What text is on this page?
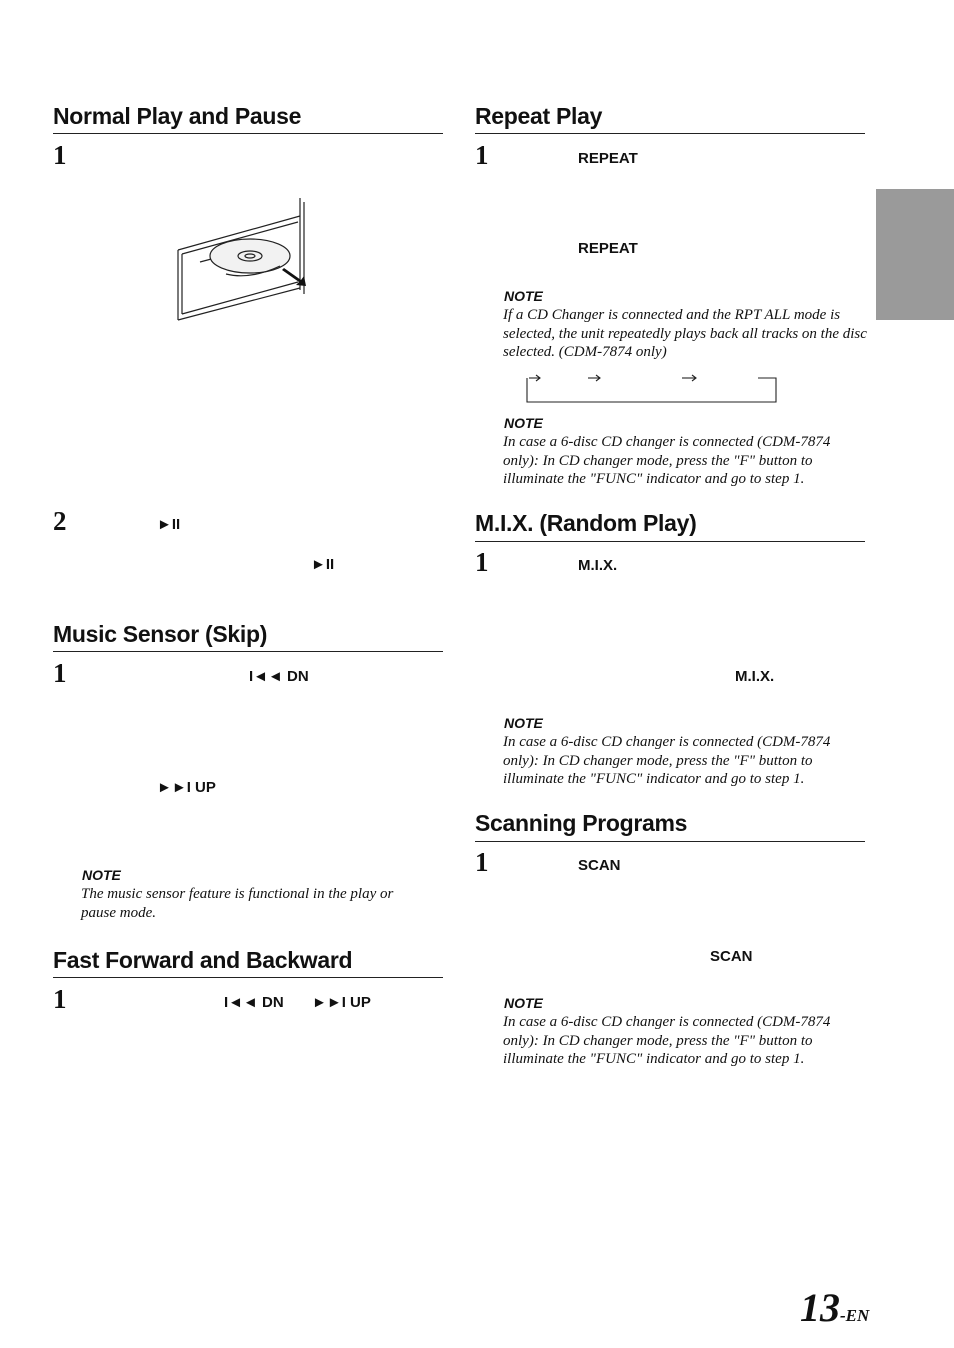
Normal Play and Pause
1
2	►II
►II
Music Sensor (Skip)
1	I◄◄ DN
►►I UP
NOTE
The music sensor feature is functional in the play or pause mode.
Fast Forward and Backward
1	I◄◄ DN ►►I UP
Repeat Play
1	REPEAT
REPEAT
NOTE
If a CD Changer is connected and the RPT ALL mode is selected, the unit repeatedly plays back all tracks on the disc selected. (CDM-7874 only)
NOTE
In case a 6-disc CD changer is connected (CDM-7874 only): In CD changer mode, press the "F" button to illuminate the "FUNC" indicator and go to step 1.
M.I.X. (Random Play)
1	M.I.X.
M.I.X.
NOTE
In case a 6-disc CD changer is connected (CDM-7874 only): In CD changer mode, press the "F" button to illuminate the "FUNC" indicator and go to step 1.
Scanning Programs
1	SCAN
SCAN
NOTE
In case a 6-disc CD changer is connected (CDM-7874 only): In CD changer mode, press the "F" button to illuminate the "FUNC" indicator and go to step 1.
13-EN
